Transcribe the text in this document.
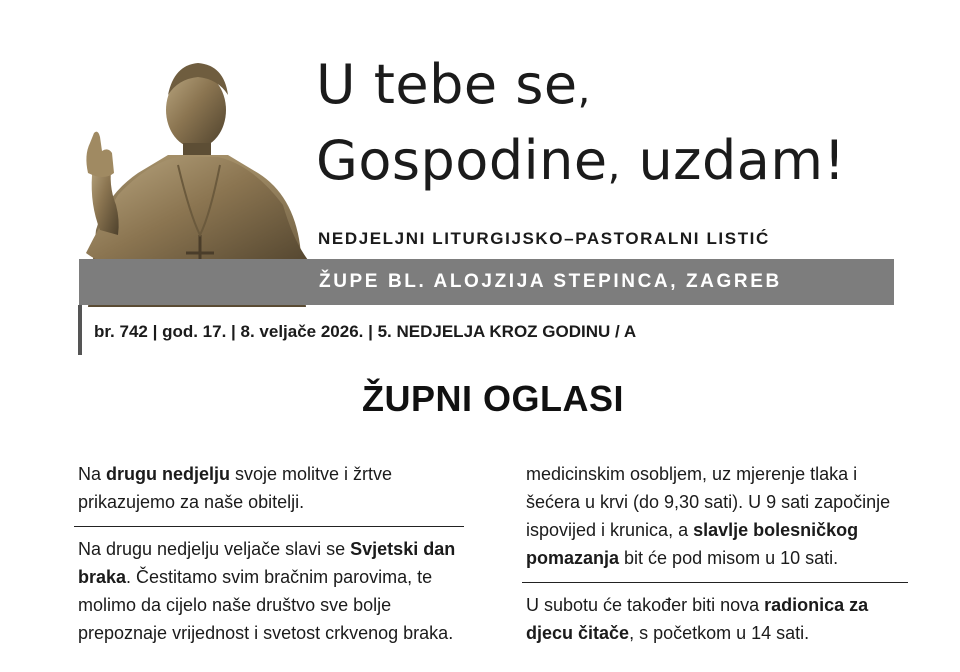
U tebe se,
Gospodine, uzdam!
NEDJELJNI LITURGIJSKO–PASTORALNI LISTIĆ
ŽUPE BL. ALOJZIJA STEPINCA, ZAGREB
br. 742 | god. 17. | 8. veljače 2026. | 5. NEDJELJA KROZ GODINU / A
ŽUPNI OGLASI

Na drugu nedjelju svoje molitve i žrtve prikazujemo za naše obitelji.

Na drugu nedjelju veljače slavi se Svjetski dan braka. Čestitamo svim bračnim parovima, te molimo da cijelo naše društvo sve bolje prepoznaje vrijednost i svetost crkvenog braka.

medicinskim osobljem, uz mjerenje tlaka i šećera u krvi (do 9,30 sati). U 9 sati započinje ispovijed i krunica, a slavlje bolesničkog pomazanja bit će pod misom u 10 sati.

U subotu će također biti nova radionica za djecu čitače, s početkom u 14 sati.
